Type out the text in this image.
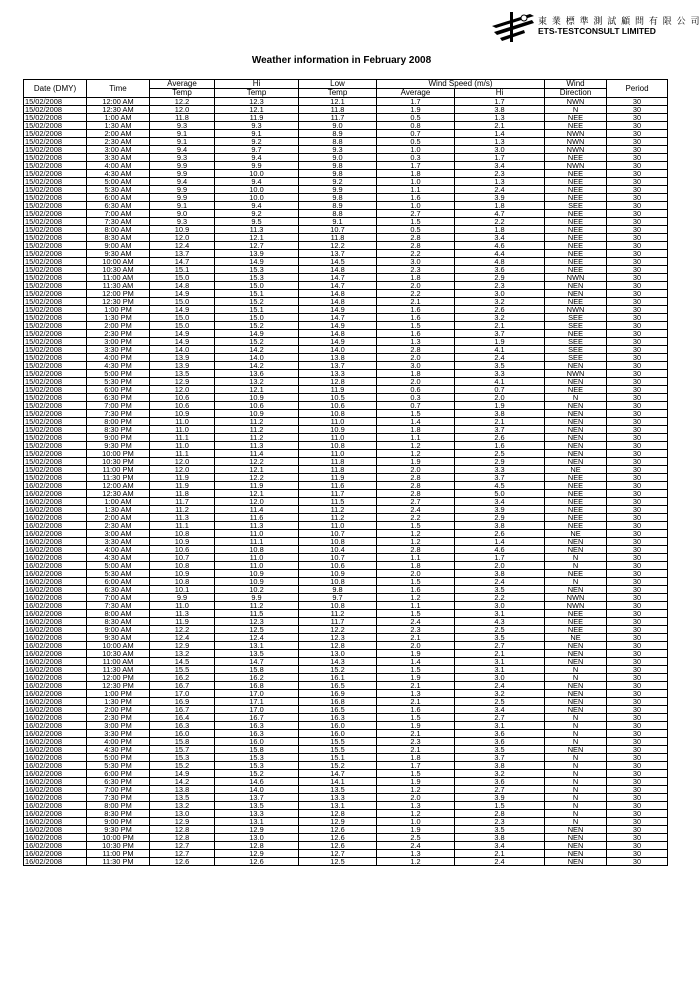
東 業 標 準 測 試 顧 問 有 限 公 司
ETS-TESTCONSULT LIMITED
Weather information in February 2008
Date (DMY)	Time	Average	Hi	Low	Wind Speed (m/s)		Wind	Period
		Temp	Temp	Temp	Average	Hi	Direction	
15/02/2008	12:00 AM	12.2	12.3	12.1	1.7	1.7	NWN	30
15/02/2008	12:30 AM	12.0	12.1	11.8	1.9	3.8	N	30
15/02/2008	1:00 AM	11.8	11.9	11.7	0.5	1.3	NEE	30
15/02/2008	1:30 AM	9.3	9.3	9.0	0.8	2.1	NEE	30
15/02/2008	2:00 AM	9.1	9.1	8.9	0.7	1.4	NWN	30
15/02/2008	2:30 AM	9.1	9.2	8.8	0.5	1.3	NWN	30
15/02/2008	3:00 AM	9.4	9.7	9.3	1.0	3.0	NWN	30
15/02/2008	3:30 AM	9.3	9.4	9.0	0.3	1.7	NEE	30
15/02/2008	4:00 AM	9.9	9.9	9.8	1.7	3.4	NWN	30
15/02/2008	4:30 AM	9.9	10.0	9.8	1.8	2.3	NEE	30
15/02/2008	5:00 AM	9.4	9.4	9.2	1.0	1.3	NEE	30
15/02/2008	5:30 AM	9.9	10.0	9.9	1.1	2.4	NEE	30
15/02/2008	6:00 AM	9.9	10.0	9.8	1.6	3.9	NEE	30
15/02/2008	6:30 AM	9.1	9.4	8.9	1.0	1.8	SEE	30
15/02/2008	7:00 AM	9.0	9.2	8.8	2.7	4.7	NEE	30
15/02/2008	7:30 AM	9.3	9.5	9.1	1.5	2.2	NEE	30
15/02/2008	8:00 AM	10.9	11.3	10.7	0.5	1.8	NEE	30
15/02/2008	8:30 AM	12.0	12.1	11.8	2.8	3.4	NEE	30
15/02/2008	9:00 AM	12.4	12.7	12.2	2.8	4.6	NEE	30
15/02/2008	9:30 AM	13.7	13.9	13.7	2.2	4.4	NEE	30
15/02/2008	10:00 AM	14.7	14.9	14.5	3.0	4.8	NEE	30
15/02/2008	10:30 AM	15.1	15.3	14.8	2.3	3.6	NEE	30
15/02/2008	11:00 AM	15.0	15.3	14.7	1.8	2.9	NWN	30
15/02/2008	11:30 AM	14.8	15.0	14.7	2.0	2.3	NEN	30
15/02/2008	12:00 PM	14.9	15.1	14.8	2.2	3.0	NEN	30
15/02/2008	12:30 PM	15.0	15.2	14.8	2.1	3.2	NEE	30
15/02/2008	1:00 PM	14.9	15.1	14.9	1.6	2.6	NWN	30
15/02/2008	1:30 PM	15.0	15.0	14.7	1.6	3.2	SEE	30
15/02/2008	2:00 PM	15.0	15.2	14.9	1.5	2.1	SEE	30
15/02/2008	2:30 PM	14.9	14.9	14.8	1.6	3.7	NEE	30
15/02/2008	3:00 PM	14.9	15.2	14.9	1.3	1.9	SEE	30
15/02/2008	3:30 PM	14.0	14.2	14.0	2.8	4.1	SEE	30
15/02/2008	4:00 PM	13.9	14.0	13.8	2.0	2.4	SEE	30
15/02/2008	4:30 PM	13.9	14.2	13.7	3.0	3.5	NEN	30
15/02/2008	5:00 PM	13.5	13.6	13.3	1.8	3.3	NWN	30
15/02/2008	5:30 PM	12.9	13.2	12.8	2.0	4.1	NEN	30
15/02/2008	6:00 PM	12.0	12.1	11.9	0.6	0.7	NEE	30
15/02/2008	6:30 PM	10.6	10.9	10.5	0.3	2.0	N	30
15/02/2008	7:00 PM	10.6	10.6	10.6	0.7	1.9	NEN	30
15/02/2008	7:30 PM	10.9	10.9	10.8	1.5	3.8	NEN	30
15/02/2008	8:00 PM	11.0	11.2	11.0	1.4	2.1	NEN	30
15/02/2008	8:30 PM	11.0	11.2	10.9	1.8	3.7	NEN	30
15/02/2008	9:00 PM	11.1	11.2	11.0	1.1	2.6	NEN	30
15/02/2008	9:30 PM	11.0	11.3	10.8	1.2	1.6	NEN	30
15/02/2008	10:00 PM	11.1	11.4	11.0	1.2	2.5	NEN	30
15/02/2008	10:30 PM	12.0	12.2	11.8	1.9	2.9	NEN	30
15/02/2008	11:00 PM	12.0	12.1	11.8	2.0	3.3	NE	30
15/02/2008	11:30 PM	11.9	12.2	11.9	2.8	3.7	NEE	30
16/02/2008	12:00 AM	11.9	11.9	11.6	2.8	4.5	NEE	30
16/02/2008	12:30 AM	11.8	12.1	11.7	2.8	5.0	NEE	30
16/02/2008	1:00 AM	11.7	12.0	11.5	2.7	3.4	NEE	30
16/02/2008	1:30 AM	11.2	11.4	11.2	2.4	3.9	NEE	30
16/02/2008	2:00 AM	11.3	11.6	11.2	2.2	2.9	NEE	30
16/02/2008	2:30 AM	11.1	11.3	11.0	1.5	3.8	NEE	30
16/02/2008	3:00 AM	10.8	11.0	10.7	1.2	2.6	NE	30
16/02/2008	3:30 AM	10.9	11.1	10.8	1.2	1.4	NEN	30
16/02/2008	4:00 AM	10.6	10.8	10.4	2.8	4.6	NEN	30
16/02/2008	4:30 AM	10.7	11.0	10.7	1.1	1.7	N	30
16/02/2008	5:00 AM	10.8	11.0	10.6	1.8	2.0	N	30
16/02/2008	5:30 AM	10.9	10.9	10.9	2.0	3.8	NEE	30
16/02/2008	6:00 AM	10.8	10.9	10.8	1.5	2.4	N	30
16/02/2008	6:30 AM	10.1	10.2	9.8	1.6	3.5	NEN	30
16/02/2008	7:00 AM	9.9	9.9	9.7	1.2	2.2	NWN	30
16/02/2008	7:30 AM	11.0	11.2	10.8	1.1	3.0	NWN	30
16/02/2008	8:00 AM	11.3	11.5	11.2	1.5	3.1	NEE	30
16/02/2008	8:30 AM	11.9	12.3	11.7	2.4	4.3	NEE	30
16/02/2008	9:00 AM	12.2	12.5	12.2	2.3	2.5	NEE	30
16/02/2008	9:30 AM	12.4	12.4	12.3	2.1	3.5	NE	30
16/02/2008	10:00 AM	12.9	13.1	12.8	2.0	2.7	NEN	30
16/02/2008	10:30 AM	13.2	13.5	13.0	1.9	2.1	NEN	30
16/02/2008	11:00 AM	14.5	14.7	14.3	1.4	3.1	NEN	30
16/02/2008	11:30 AM	15.5	15.8	15.2	1.5	3.1	N	30
16/02/2008	12:00 PM	16.2	16.2	16.1	1.9	3.0	N	30
16/02/2008	12:30 PM	16.7	16.8	16.5	2.1	2.4	NEN	30
16/02/2008	1:00 PM	17.0	17.0	16.9	1.3	3.2	NEN	30
16/02/2008	1:30 PM	16.9	17.1	16.8	2.1	2.5	NEN	30
16/02/2008	2:00 PM	16.7	17.0	16.5	1.6	3.4	NEN	30
16/02/2008	2:30 PM	16.4	16.7	16.3	1.5	2.7	N	30
16/02/2008	3:00 PM	16.3	16.3	16.0	1.9	3.1	N	30
16/02/2008	3:30 PM	16.0	16.3	16.0	2.1	3.6	N	30
16/02/2008	4:00 PM	15.8	16.0	15.5	2.3	3.6	N	30
16/02/2008	4:30 PM	15.7	15.8	15.5	2.1	3.5	NEN	30
16/02/2008	5:00 PM	15.3	15.3	15.1	1.8	3.7	N	30
16/02/2008	5:30 PM	15.2	15.3	15.2	1.7	3.8	N	30
16/02/2008	6:00 PM	14.9	15.2	14.7	1.5	3.2	N	30
16/02/2008	6:30 PM	14.2	14.6	14.1	1.9	3.6	N	30
16/02/2008	7:00 PM	13.8	14.0	13.5	1.2	2.7	N	30
16/02/2008	7:30 PM	13.5	13.7	13.3	2.0	3.9	N	30
16/02/2008	8:00 PM	13.2	13.5	13.1	1.3	1.5	N	30
16/02/2008	8:30 PM	13.0	13.3	12.8	1.2	2.8	N	30
16/02/2008	9:00 PM	12.9	13.1	12.9	1.0	2.3	N	30
16/02/2008	9:30 PM	12.8	12.9	12.6	1.9	3.5	NEN	30
16/02/2008	10:00 PM	12.8	13.0	12.6	2.5	3.8	NEN	30
16/02/2008	10:30 PM	12.7	12.8	12.6	2.4	3.4	NEN	30
16/02/2008	11:00 PM	12.7	12.9	12.7	1.3	2.1	NEN	30
16/02/2008	11:30 PM	12.6	12.6	12.5	1.2	2.4	NEN	30
